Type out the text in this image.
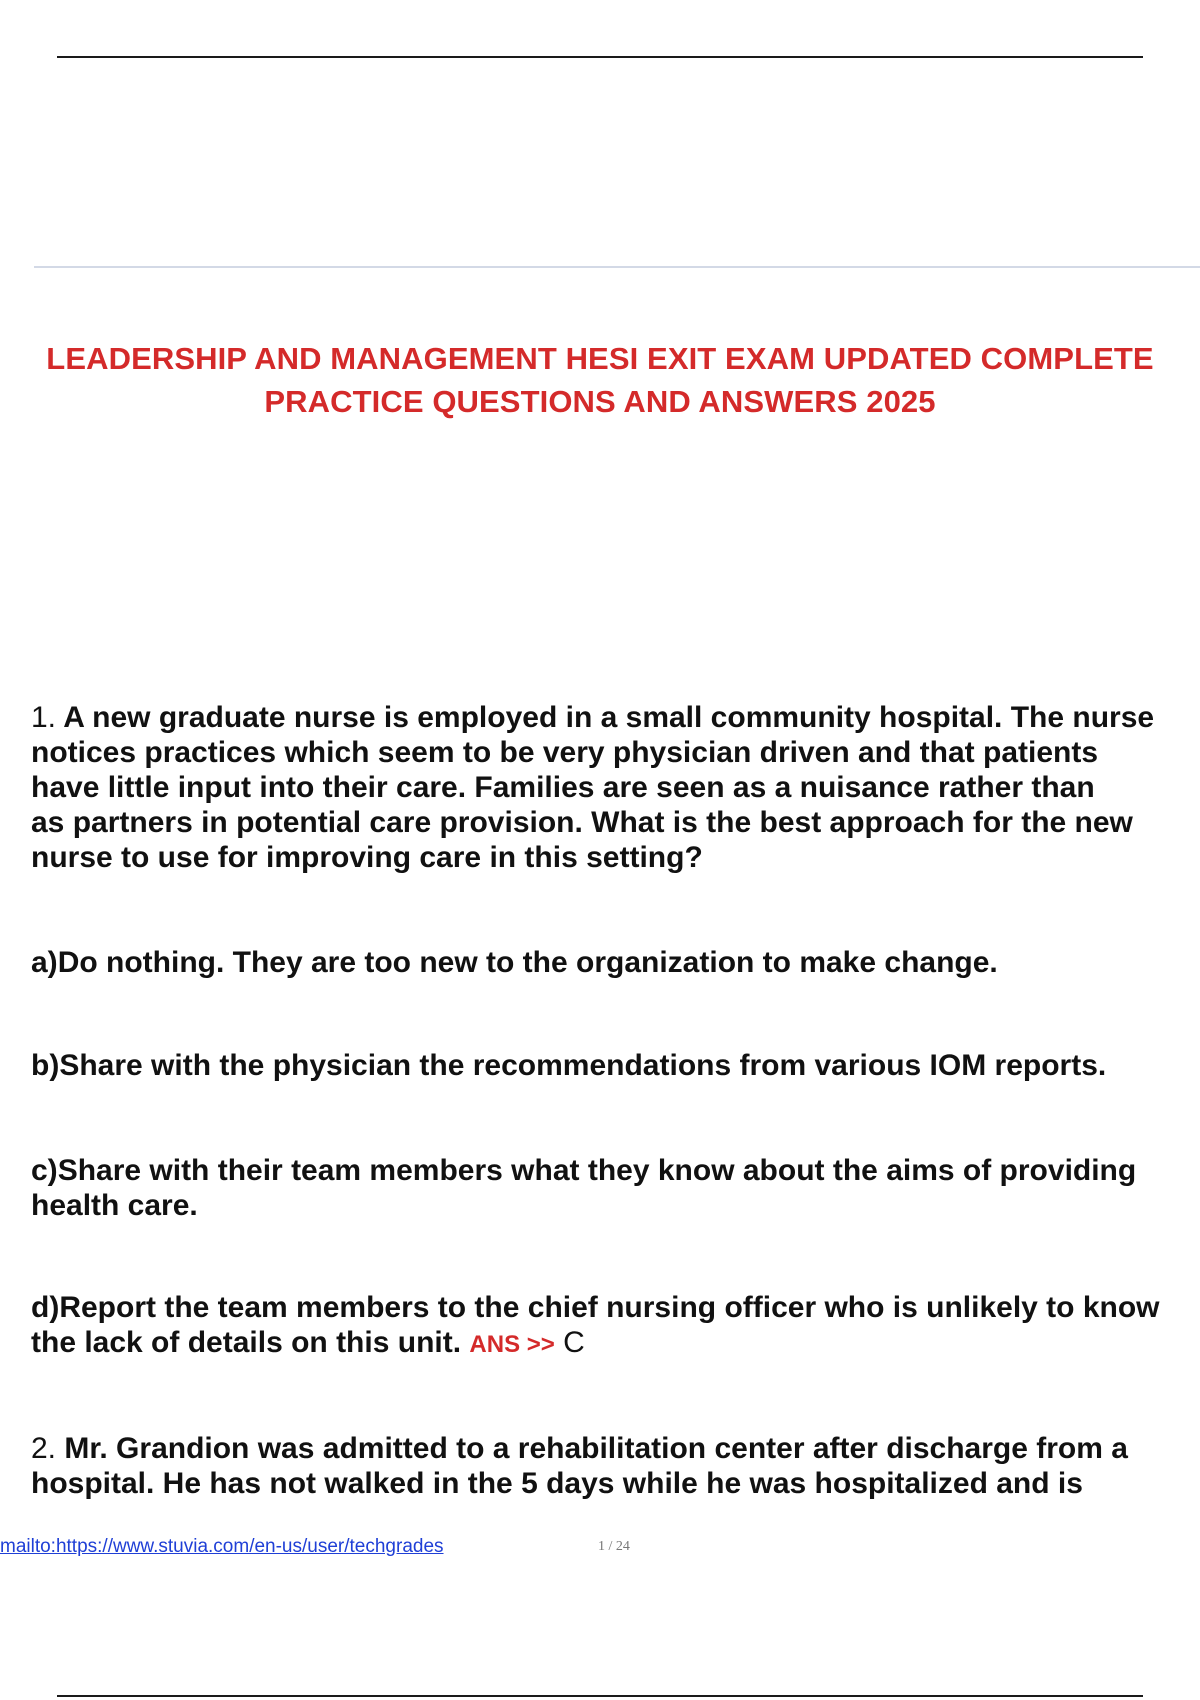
LEADERSHIP AND MANAGEMENT HESI EXIT EXAM UPDATED COMPLETE
PRACTICE QUESTIONS AND ANSWERS 2025
1. A new graduate nurse is employed in a small community hospital. The nurse
notices practices which seem to be very physician driven and that patients
have little input into their care. Families are seen as a nuisance rather than
as partners in potential care provision. What is the best approach for the new
nurse to use for improving care in this setting?
a)Do nothing. They are too new to the organization to make change.
b)Share with the physician the recommendations from various IOM reports.
c)Share with their team members what they know about the aims of providing
health care.
d)Report the team members to the chief nursing officer who is unlikely to know
the lack of details on this unit. ANS >> C
2. Mr. Grandion was admitted to a rehabilitation center after discharge from a
hospital. He has not walked in the 5 days while he was hospitalized and is
mailto:https://www.stuvia.com/en-us/user/techgrades	1 / 24
